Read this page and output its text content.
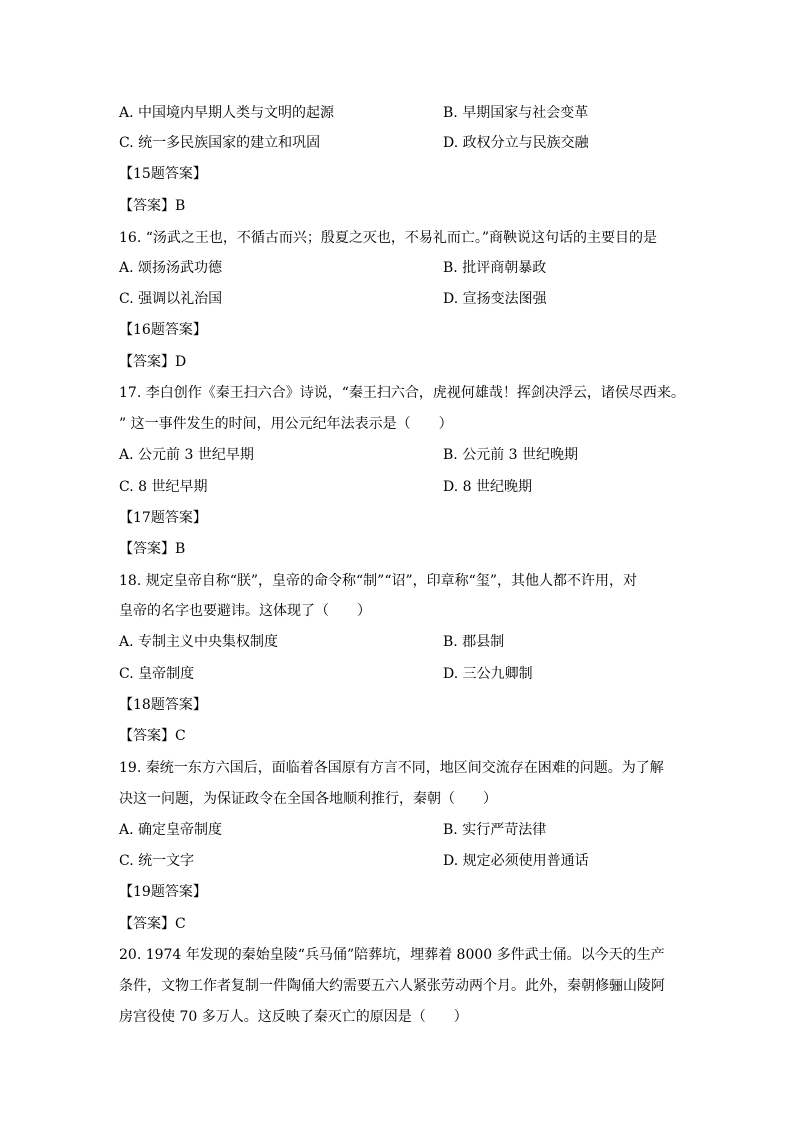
A. 中国境内早期人类与文明的起源	B. 早期国家与社会变革
C. 统一多民族国家的建立和巩固	D. 政权分立与民族交融
【15题答案】
【答案】B
16. “汤武之王也，不循古而兴；殷夏之灭也，不易礼而亡。”商鞅说这句话的主要目的是
A. 颂扬汤武功德	B. 批评商朝暴政
C. 强调以礼治国	D. 宣扬变法图强
【16题答案】
【答案】D
17. 李白创作《秦王扫六合》诗说，“秦王扫六合，虎视何雄哉！挥剑决浮云，诸侯尽西来。
” 这一事件发生的时间，用公元纪年法表示是（　　）
A. 公元前 3 世纪早期	B. 公元前 3 世纪晚期
C. 8 世纪早期	D. 8 世纪晚期
【17题答案】
【答案】B
18. 规定皇帝自称“朕”，皇帝的命令称“制”“诏”，印章称“玺”，其他人都不许用，对
皇帝的名字也要避讳。这体现了（　　）
A. 专制主义中央集权制度	B. 郡县制
C. 皇帝制度	D. 三公九卿制
【18题答案】
【答案】C
19. 秦统一东方六国后，面临着各国原有方言不同，地区间交流存在困难的问题。为了解
决这一问题，为保证政令在全国各地顺利推行，秦朝（　　）
A. 确定皇帝制度	B. 实行严苛法律
C. 统一文字	D. 规定必须使用普通话
【19题答案】
【答案】C
20. 1974 年发现的秦始皇陵“兵马俑”陪葬坑，埋葬着 8000 多件武士俑。以今天的生产
条件，文物工作者复制一件陶俑大约需要五六人紧张劳动两个月。此外，秦朝修骊山陵阿
房宫役使 70 多万人。这反映了秦灭亡的原因是（　　）
